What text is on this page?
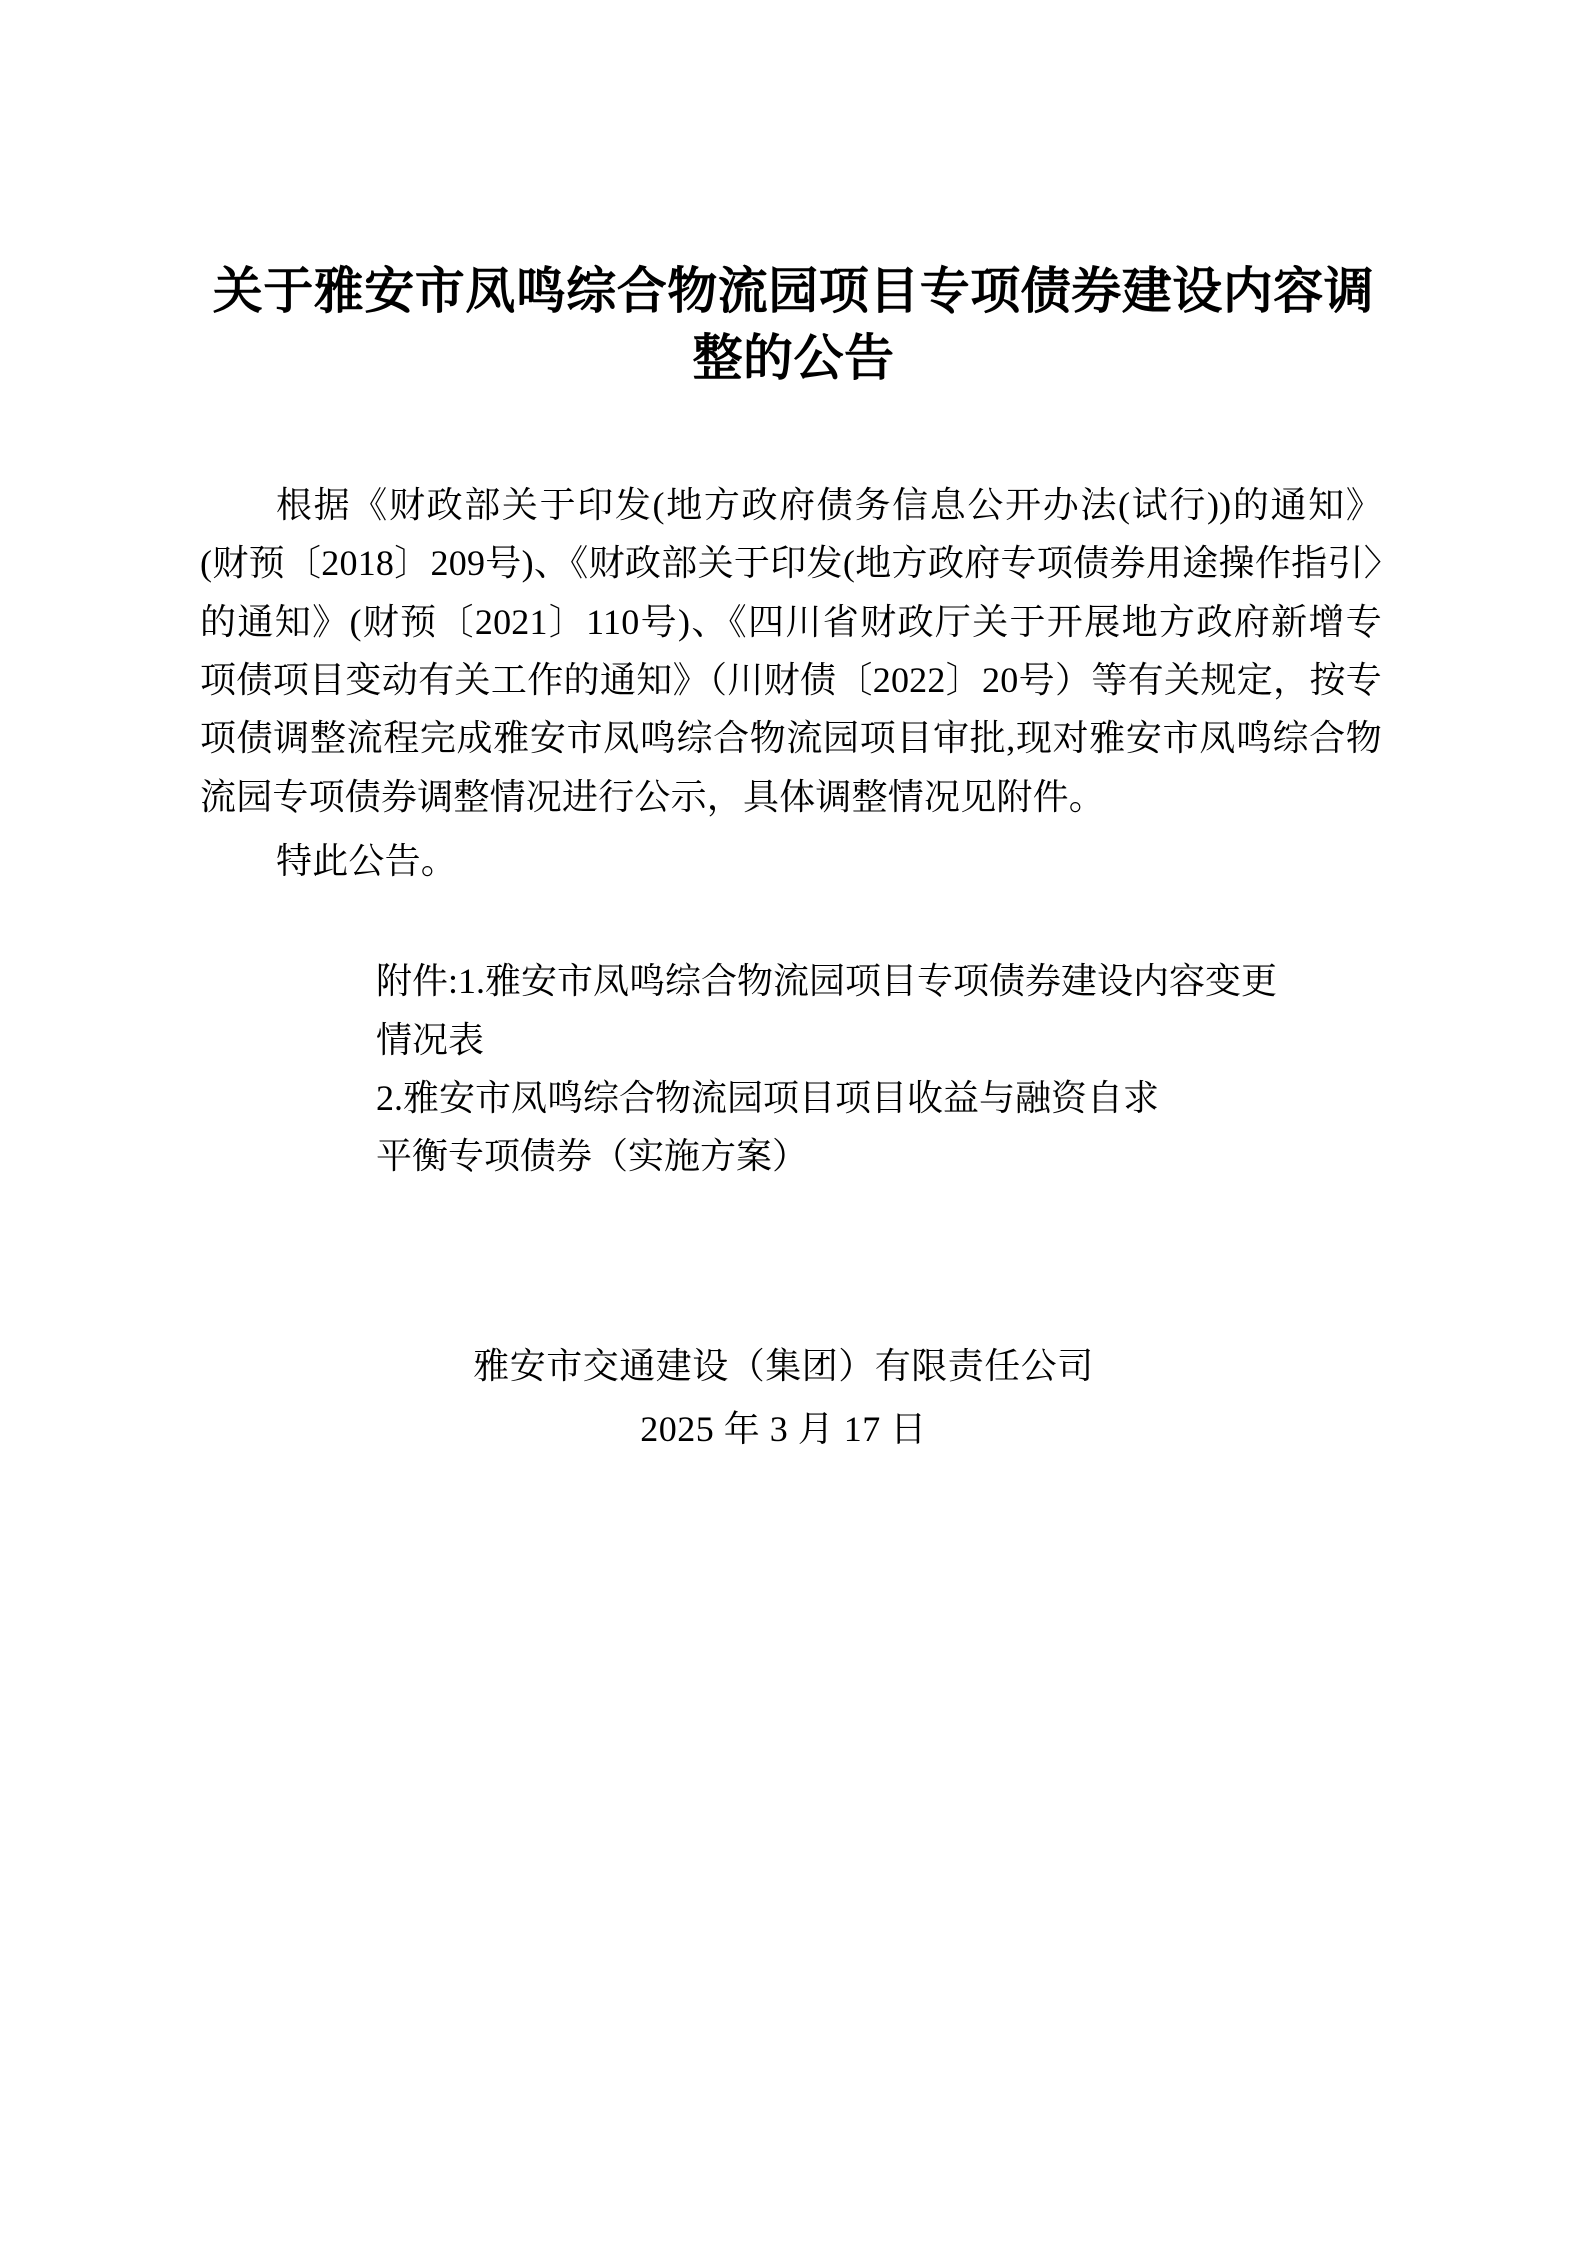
关于雅安市凤鸣综合物流园项目专项债券建设内容调整的公告

根据《财政部关于印发(地方政府债务信息公开办法(试行))的通知》(财预〔2018〕209号)、《财政部关于印发(地方政府专项债券用途操作指引〉的通知》(财预〔2021〕110号)、《四川省财政厅关于开展地方政府新增专项债项目变动有关工作的通知》（川财债〔2022〕20号）等有关规定，按专项债调整流程完成雅安市凤鸣综合物流园项目审批,现对雅安市凤鸣综合物流园专项债券调整情况进行公示，具体调整情况见附件。

特此公告。

附件:1.雅安市凤鸣综合物流园项目专项债券建设内容变更
情况表
2.雅安市凤鸣综合物流园项目项目收益与融资自求
平衡专项债券（实施方案）
雅安市交通建设（集团）有限责任公司
2025 年 3 月 17 日
